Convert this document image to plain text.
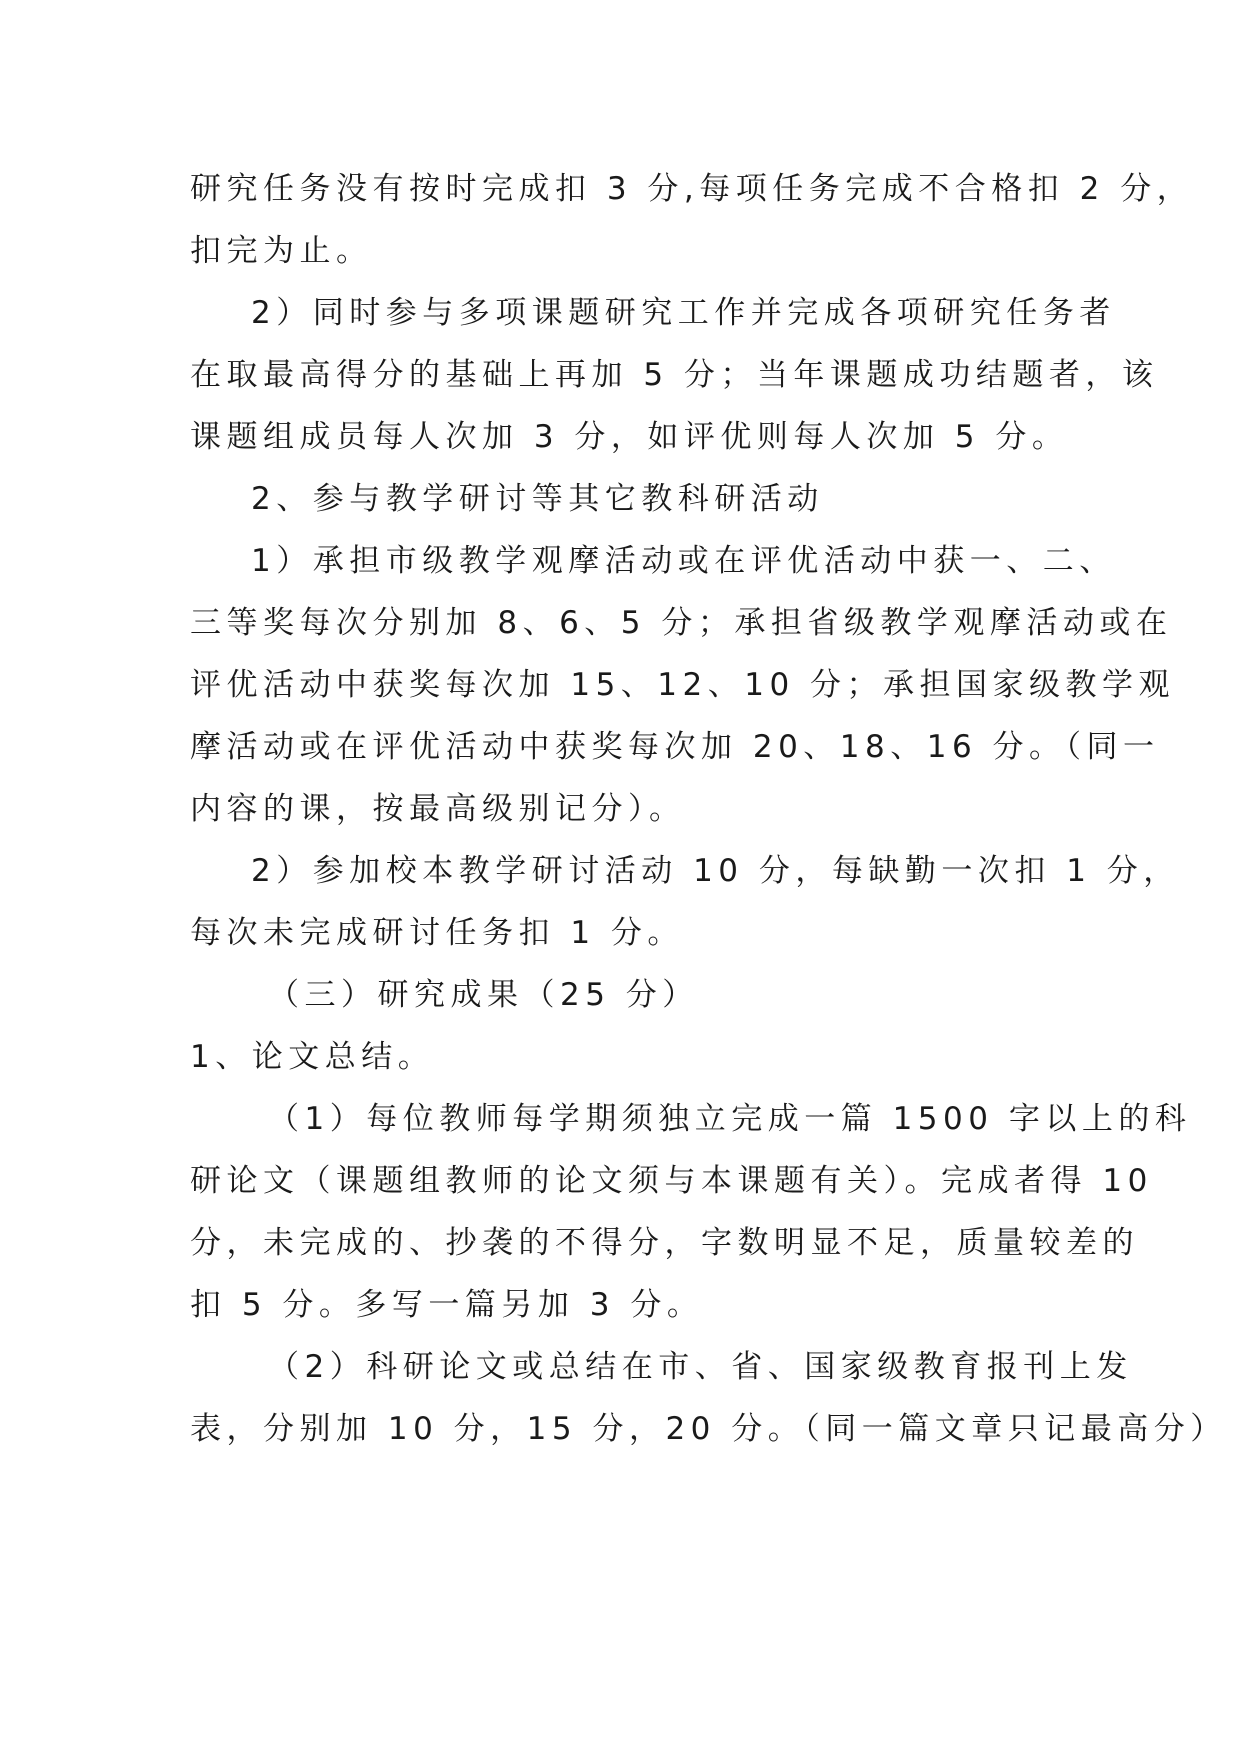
研究任务没有按时完成扣 3 分,每项任务完成不合格扣 2 分，
扣完为止。
2）同时参与多项课题研究工作并完成各项研究任务者
在取最高得分的基础上再加 5 分；当年课题成功结题者，该
课题组成员每人次加 3 分，如评优则每人次加 5 分。
2、参与教学研讨等其它教科研活动
1）承担市级教学观摩活动或在评优活动中获一、二、
三等奖每次分别加 8、6、5 分；承担省级教学观摩活动或在
评优活动中获奖每次加 15、12、10 分；承担国家级教学观
摩活动或在评优活动中获奖每次加 20、18、16 分。（同一
内容的课，按最高级别记分）。
2）参加校本教学研讨活动 10 分，每缺勤一次扣 1 分，
每次未完成研讨任务扣 1 分。
（三）研究成果（25 分）
1、论文总结。
（1）每位教师每学期须独立完成一篇 1500 字以上的科
研论文（课题组教师的论文须与本课题有关）。完成者得 10
分，未完成的、抄袭的不得分，字数明显不足，质量较差的
扣 5 分。多写一篇另加 3 分。
（2）科研论文或总结在市、省、国家级教育报刊上发
表，分别加 10 分，15 分，20 分。（同一篇文章只记最高分）
